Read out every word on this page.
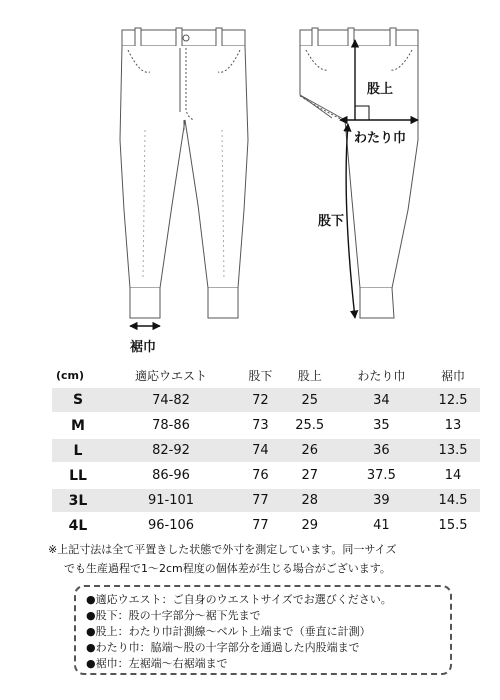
股上
わたり巾
股下
裾巾
(cm)	適応ウエスト	股下	股上	わたり巾	裾巾
S	74-82	72	25	34	12.5
M	78-86	73	25.5	35	13
L	82-92	74	26	36	13.5
LL	86-96	76	27	37.5	14
3L	91-101	77	28	39	14.5
4L	96-106	77	29	41	15.5
※上記寸法は全て平置きした状態で外寸を測定しています。同一サイズ
でも生産過程で1〜2cm程度の個体差が生じる場合がございます。
●適応ウエスト：ご自身のウエストサイズでお選びください。
●股下：股の十字部分〜裾下先まで
●股上：わたり巾計測線〜ベルト上端まで（垂直に計測）
●わたり巾：脇端〜股の十字部分を通過した内股端まで
●裾巾：左裾端〜右裾端まで
